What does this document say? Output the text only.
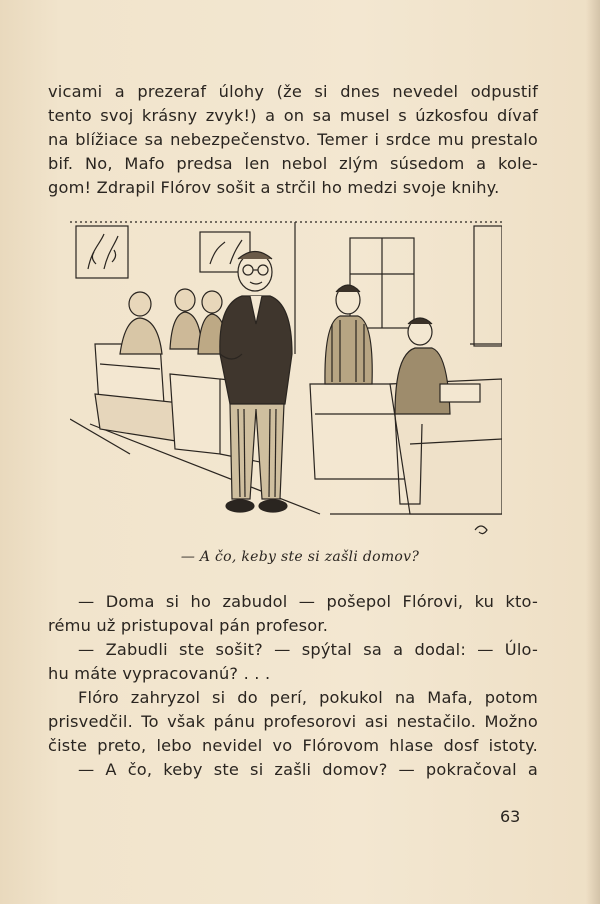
vicami a prezeraf úlohy (že si dnes nevedel odpustif
tento svoj krásny zvyk!) a on sa musel s úzkosfou dívaf
na blížiace sa nebezpečenstvo. Temer i srdce mu prestalo
bif. No, Mafo predsa len nebol zlým súsedom a kole-
gom! Zdrapil Flórov sošit a strčil ho medzi svoje knihy.
— A čo, keby ste si zašli domov?
— Doma si ho zabudol — pošepol Flórovi, ku kto-
rému už pristupoval pán profesor.
— Zabudli ste sošit? — spýtal sa a dodal: — Úlo-
hu máte vypracovanú? . . .
Flóro zahryzol si do perí, pokukol na Mafa, potom
prisvedčil. To však pánu profesorovi asi nestačilo. Možno
čiste preto, lebo nevidel vo Flórovom hlase dosf istoty.
— A čo, keby ste si zašli domov? — pokračoval a
63
